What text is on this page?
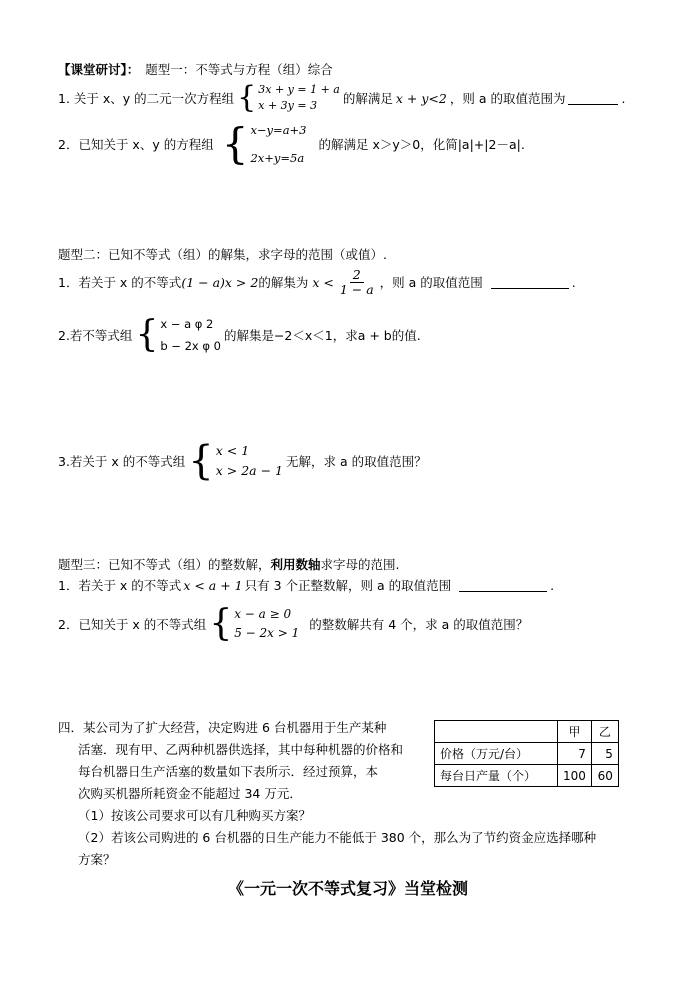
【课堂研讨】： 题型一：不等式与方程（组）综合
1. 关于 x、y 的二元一次方程组 { 3x + y = 1 + a
x + 3y = 3	的解满足 x + y<2 ，则 a 的取值范围为	.
2．已知关于 x、y 的方程组 { x−y=a+3
2x+y=5a
的解满足 x＞y＞0，化简|a|+|2－a|.
题型二：已知不等式（组）的解集，求字母的范围（或值）.
1．若关于 x 的不等式 (1 − a)x > 2 的解集为 $x < \frac{2}{1 - a}$ ，则 a 的取值范围	.
2.若不等式组 { x − a φ 2
b − 2x φ 0
的解集是−2＜x＜1，求a + b的值.
3.若关于 x 的不等式组 { x < 1
x > 2a − 1
无解，求 a 的取值范围？
题型三：已知不等式（组）的整数解， 利用数轴 求字母的范围.
1．若关于 x 的不等式 x < a + 1 只有 3 个正整数解，则 a 的取值范围	.
2．已知关于 x 的不等式组 { x − a ≥ 0
5 − 2x > 1
的整数解共有 4 个，求 a 的取值范围？
四．某公司为了扩大经营，决定购进 6 台机器用于生产某种
活塞．现有甲、乙两种机器供选择，其中每种机器的价格和
每台机器日生产活塞的数量如下表所示．经过预算，本
次购买机器所耗资金不能超过 34 万元．
（1）按该公司要求可以有几种购买方案？
（2）若该公司购进的 6 台机器的日生产能力不能低于 380 个，那么为了节约资金应选择哪种
方案？
	甲	乙
价格（万元/台）	7	5
每台日产量（个）	100	60
《一元一次不等式复习》当堂检测
